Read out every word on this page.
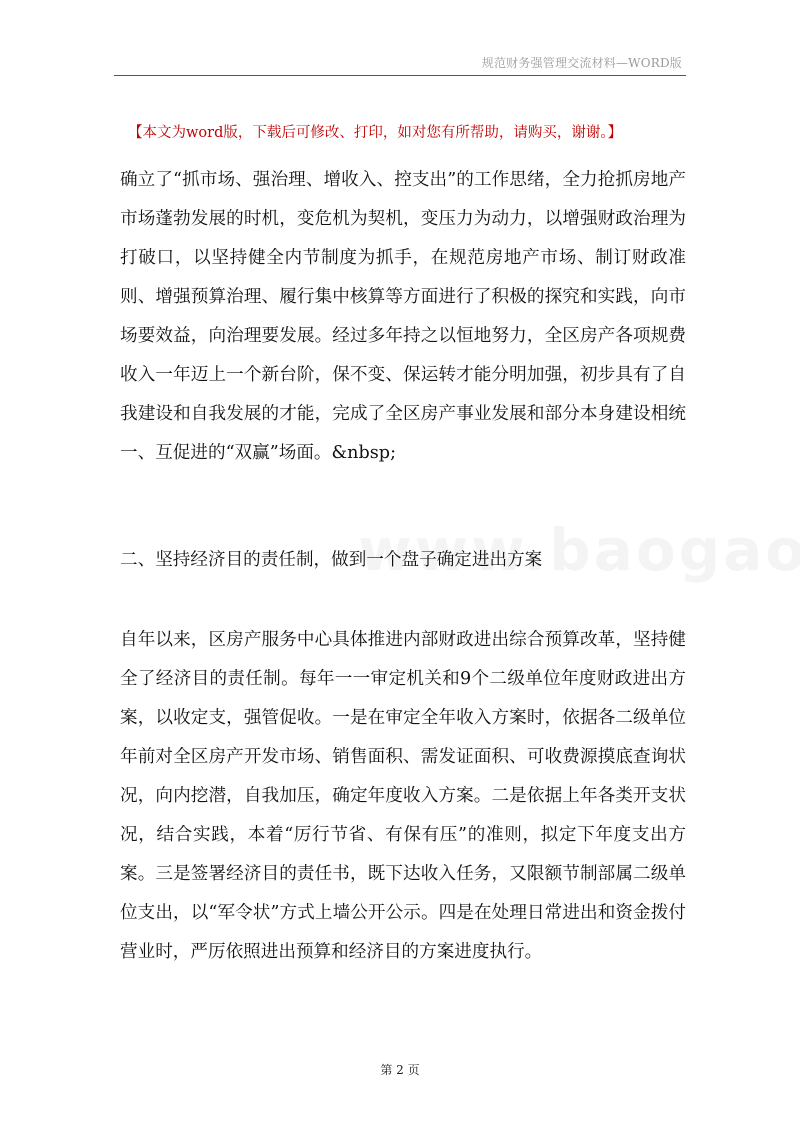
规范财务强管理交流材料—WORD版
【本文为word版，下载后可修改、打印，如对您有所帮助，请购买，谢谢。】
确立了“抓市场、强治理、增收入、控支出”的工作思绪，全力抢抓房地产市场蓬勃发展的时机，变危机为契机，变压力为动力，以增强财政治理为打破口，以坚持健全内节制度为抓手，在规范房地产市场、制订财政准则、增强预算治理、履行集中核算等方面进行了积极的探究和实践，向市场要效益，向治理要发展。经过多年持之以恒地努力，全区房产各项规费收入一年迈上一个新台阶，保不变、保运转才能分明加强，初步具有了自我建设和自我发展的才能，完成了全区房产事业发展和部分本身建设相统一、互促进的“双赢”场面。&nbsp;
二、坚持经济目的责任制，做到一个盘子确定进出方案
自年以来，区房产服务中心具体推进内部财政进出综合预算改革，坚持健全了经济目的责任制。每年一一审定机关和9个二级单位年度财政进出方案，以收定支，强管促收。一是在审定全年收入方案时，依据各二级单位年前对全区房产开发市场、销售面积、需发证面积、可收费源摸底查询状况，向内挖潜，自我加压，确定年度收入方案。二是依据上年各类开支状况，结合实践，本着“厉行节省、有保有压”的准则，拟定下年度支出方案。三是签署经济目的责任书，既下达收入任务，又限额节制部属二级单位支出，以“军令状”方式上墙公开公示。四是在处理日常进出和资金拨付营业时，严厉依照进出预算和经济目的方案进度执行。
第 2 页
